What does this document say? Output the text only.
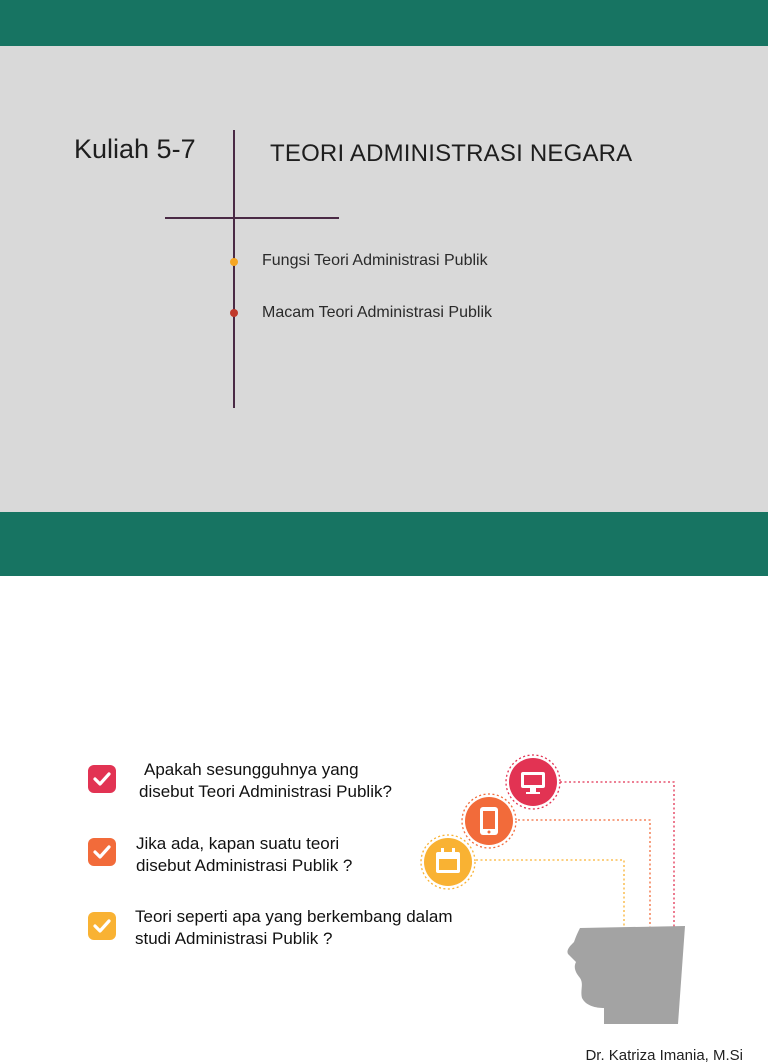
Kuliah 5-7	TEORI ADMINISTRASI NEGARA
Fungsi Teori Administrasi Publik
Macam Teori Administrasi Publik
Dr. Katriza Imania, M.Si
Apakah sesungguhnya yang
disebut Teori Administrasi Publik?
Jika ada, kapan suatu teori
disebut Administrasi Publik ?
Teori seperti apa yang berkembang dalam
studi Administrasi Publik ?
